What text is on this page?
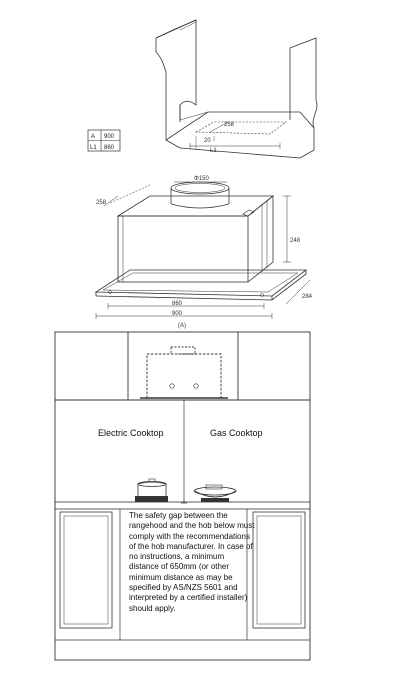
A 900
L1 860
258
20
L1
Φ150
258
248
284
860
900
(A)
Electric Cooktop	Gas Cooktop

The safety gap between the rangehood and the hob below must comply with the recommendations of the hob manufacturer. In case of no instructions, a minimum distance of 650mm (or other minimum distance as may be specified by AS/NZS 5601 and interpreted by a certified installer) should apply.
